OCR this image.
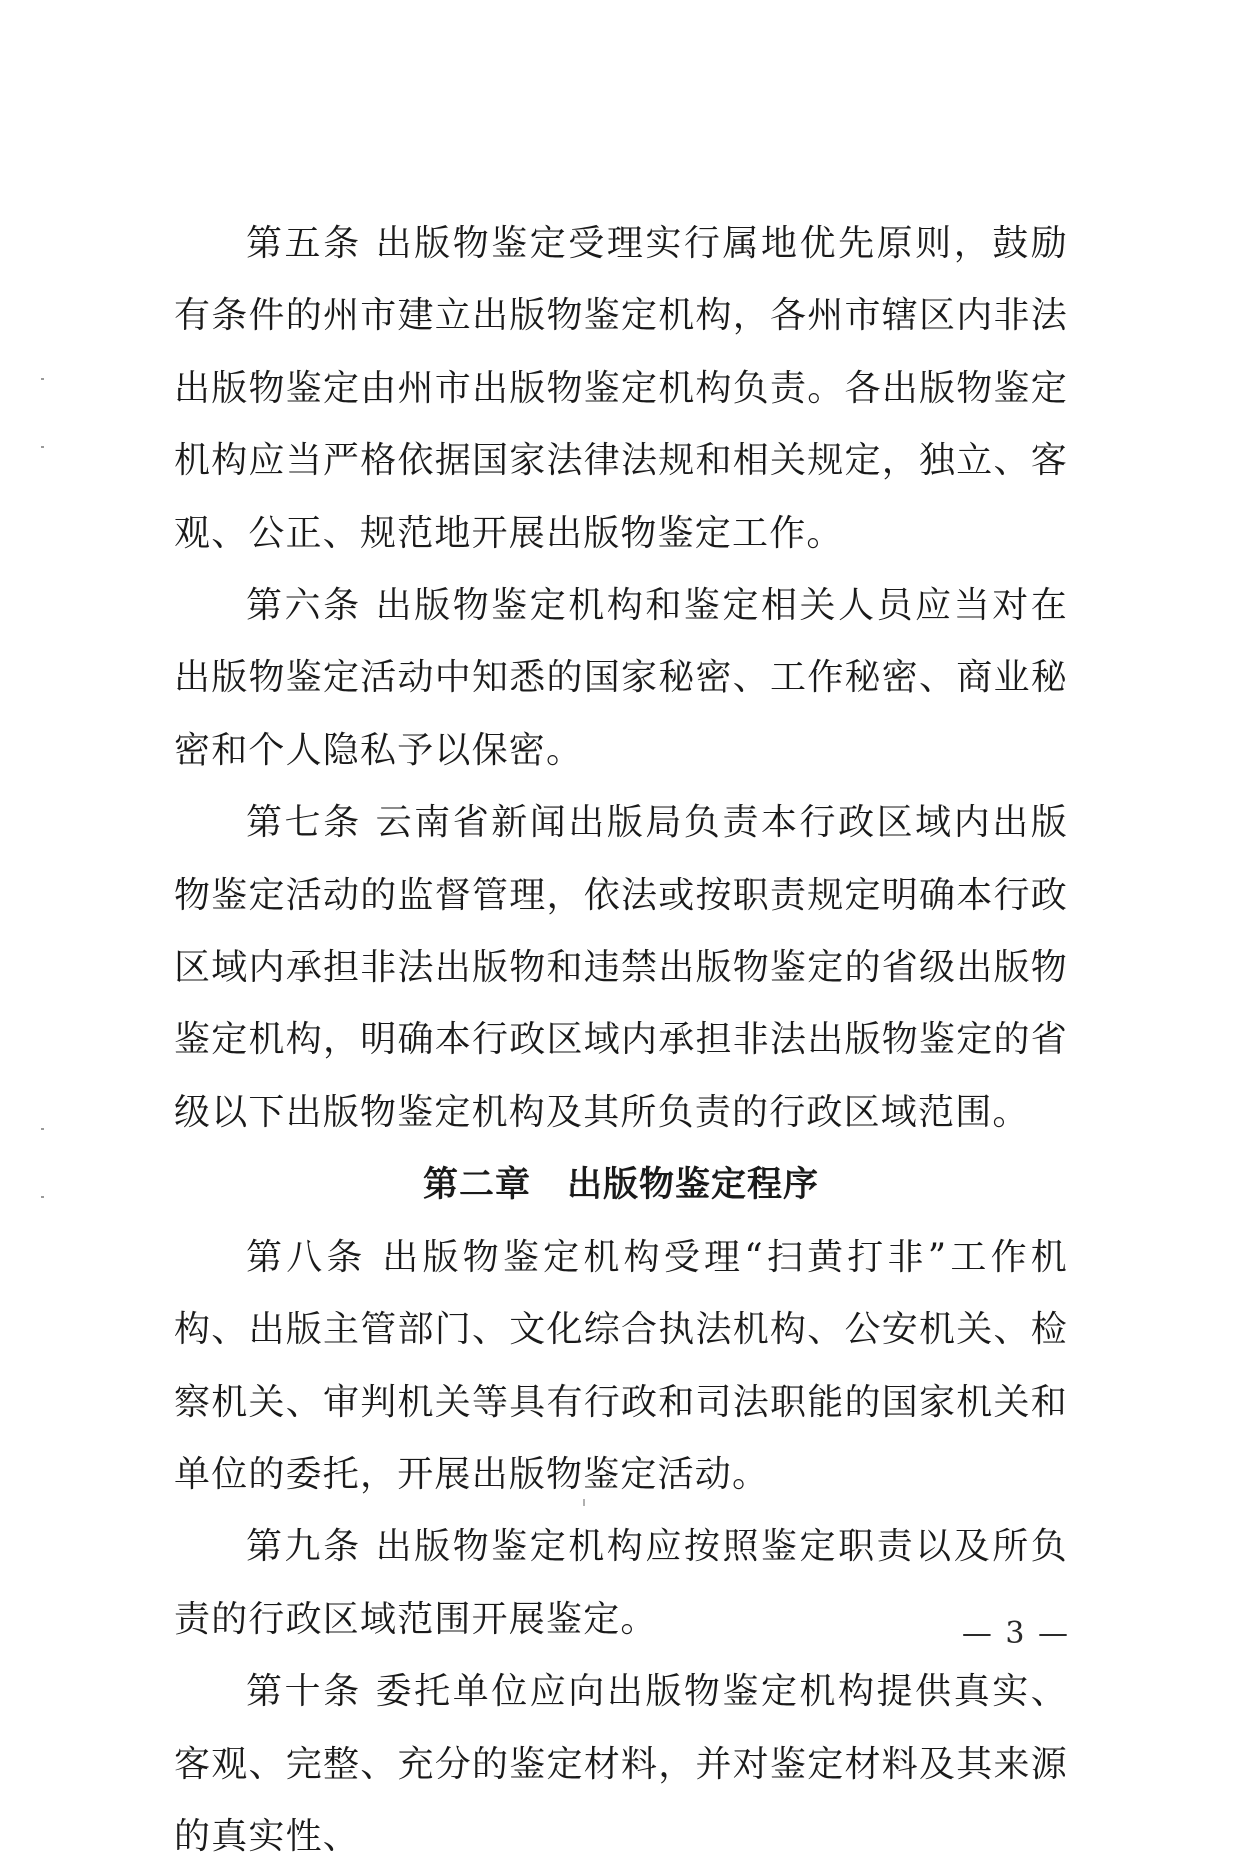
第五条 出版物鉴定受理实行属地优先原则，鼓励有条件的州市建立出版物鉴定机构，各州市辖区内非法出版物鉴定由州市出版物鉴定机构负责。各出版物鉴定机构应当严格依据国家法律法规和相关规定，独立、客观、公正、规范地开展出版物鉴定工作。

第六条 出版物鉴定机构和鉴定相关人员应当对在出版物鉴定活动中知悉的国家秘密、工作秘密、商业秘密和个人隐私予以保密。

第七条 云南省新闻出版局负责本行政区域内出版物鉴定活动的监督管理，依法或按职责规定明确本行政区域内承担非法出版物和违禁出版物鉴定的省级出版物鉴定机构，明确本行政区域内承担非法出版物鉴定的省级以下出版物鉴定机构及其所负责的行政区域范围。

第二章　出版物鉴定程序

第八条 出版物鉴定机构受理“扫黄打非”工作机构、出版主管部门、文化综合执法机构、公安机关、检察机关、审判机关等具有行政和司法职能的国家机关和单位的委托，开展出版物鉴定活动。

第九条 出版物鉴定机构应按照鉴定职责以及所负责的行政区域范围开展鉴定。

第十条 委托单位应向出版物鉴定机构提供真实、客观、完整、充分的鉴定材料，并对鉴定材料及其来源的真实性、

— 3 —
